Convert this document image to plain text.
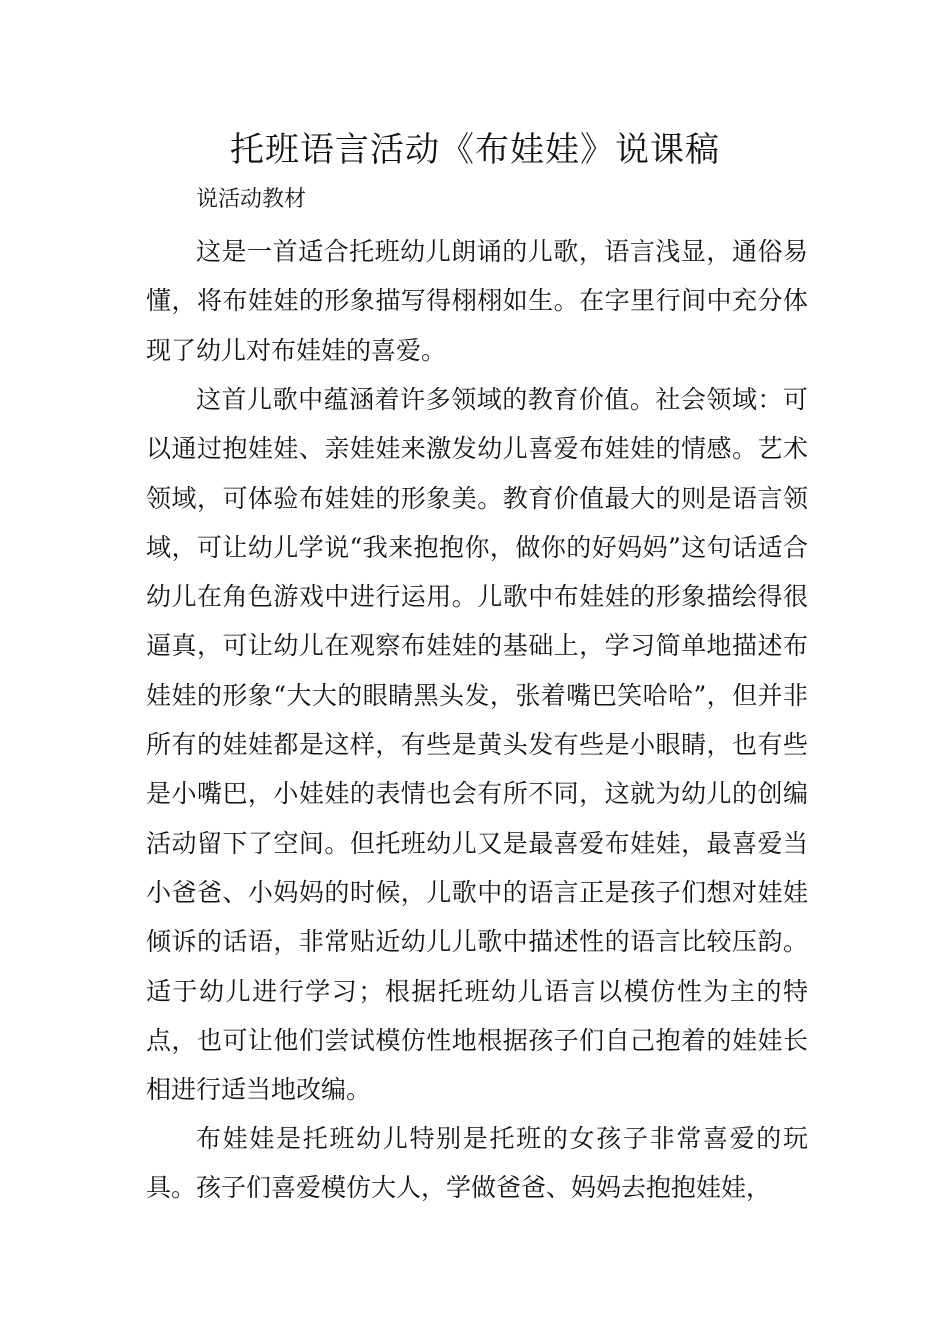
托班语言活动《布娃娃》说课稿

说活动教材

这是一首适合托班幼儿朗诵的儿歌，语言浅显，通俗易懂，将布娃娃的形象描写得栩栩如生。在字里行间中充分体现了幼儿对布娃娃的喜爱。

这首儿歌中蕴涵着许多领域的教育价值。社会领域：可以通过抱娃娃、亲娃娃来激发幼儿喜爱布娃娃的情感。艺术领域，可体验布娃娃的形象美。教育价值最大的则是语言领域，可让幼儿学说“我来抱抱你，做你的好妈妈”这句话适合幼儿在角色游戏中进行运用。儿歌中布娃娃的形象描绘得很逼真，可让幼儿在观察布娃娃的基础上，学习简单地描述布娃娃的形象“大大的眼睛黑头发，张着嘴巴笑哈哈”，但并非所有的娃娃都是这样，有些是黄头发有些是小眼睛，也有些是小嘴巴，小娃娃的表情也会有所不同，这就为幼儿的创编活动留下了空间。但托班幼儿又是最喜爱布娃娃，最喜爱当小爸爸、小妈妈的时候，儿歌中的语言正是孩子们想对娃娃倾诉的话语，非常贴近幼儿儿歌中描述性的语言比较压韵。适于幼儿进行学习；根据托班幼儿语言以模仿性为主的特点，也可让他们尝试模仿性地根据孩子们自己抱着的娃娃长相进行适当地改编。

布娃娃是托班幼儿特别是托班的女孩子非常喜爱的玩具。孩子们喜爱模仿大人，学做爸爸、妈妈去抱抱娃娃，
